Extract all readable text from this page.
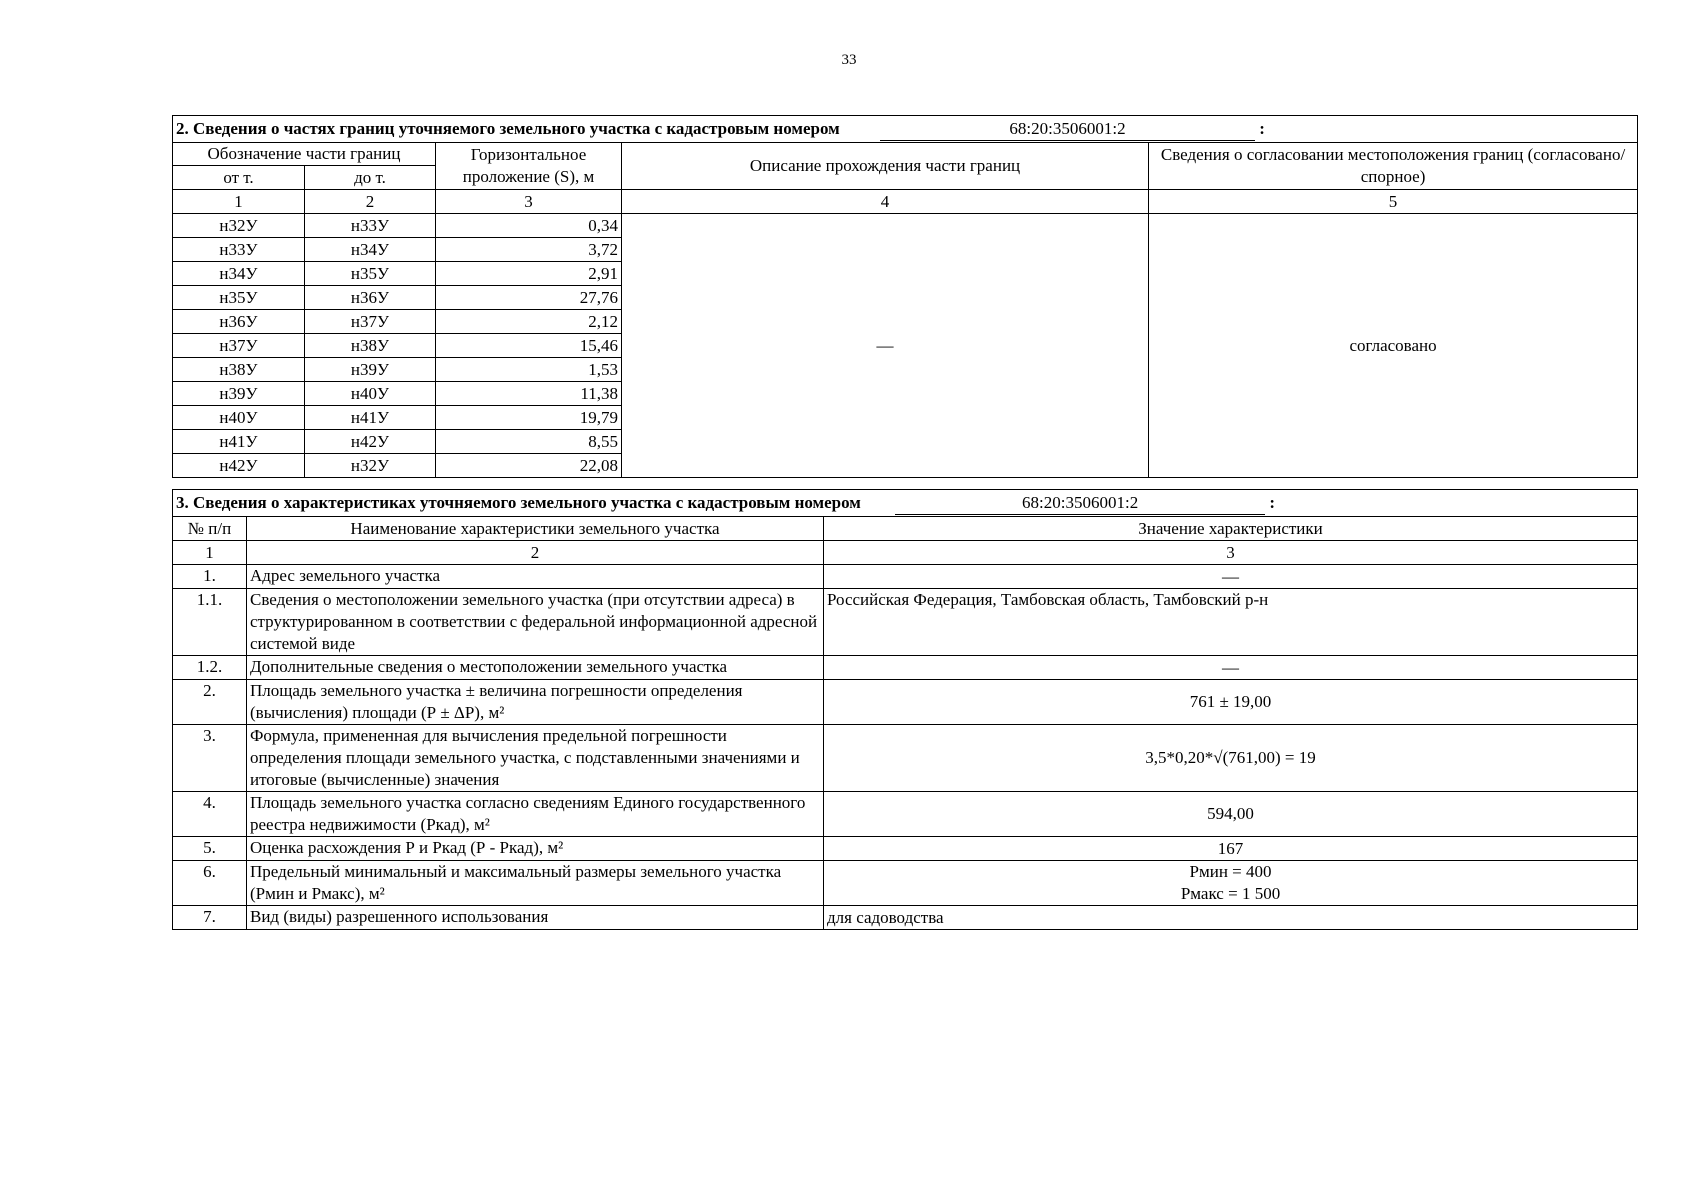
33
2. Сведения о частях границ уточняемого земельного участка с кадастровым номером 68:20:3506001:2 :				
Обозначение части границ		Горизонтальное проложение (S), м	Описание прохождения части границ	Сведения о согласовании местоположения границ (согласовано/спорное)
от т.	до т.			
1	2	3	4	5
н32У	н33У	0,34	—	согласовано
н33У	н34У	3,72		
н34У	н35У	2,91		
н35У	н36У	27,76		
н36У	н37У	2,12		
н37У	н38У	15,46		
н38У	н39У	1,53		
н39У	н40У	11,38		
н40У	н41У	19,79		
н41У	н42У	8,55		
н42У	н32У	22,08		
3. Сведения о характеристиках уточняемого земельного участка с кадастровым номером 68:20:3506001:2 :		
№ п/п	Наименование характеристики земельного участка	Значение характеристики
1	2	3
1.	Адрес земельного участка	—
1.1.	Сведения о местоположении земельного участка (при отсутствии адреса) в структурированном в соответствии с федеральной информационной адресной системой виде	Российская Федерация, Тамбовская область, Тамбовский р-н
1.2.	Дополнительные сведения о местоположении земельного участка	—
2.	Площадь земельного участка ± величина погрешности определения (вычисления) площади (Р ± ΔР), м²	761 ± 19,00
3.	Формула, примененная для вычисления предельной погрешности определения площади земельного участка, с подставленными значениями и итоговые (вычисленные) значения	3,5*0,20*√(761,00) = 19
4.	Площадь земельного участка согласно сведениям Единого государственного реестра недвижимости (Ркад), м²	594,00
5.	Оценка расхождения Р и Ркад (Р - Ркад), м²	167
6.	Предельный минимальный и максимальный размеры земельного участка (Рмин и Рмакс), м²	Рмин = 400
Рмакс = 1 500

7.	Вид (виды) разрешенного использования	для садоводства
